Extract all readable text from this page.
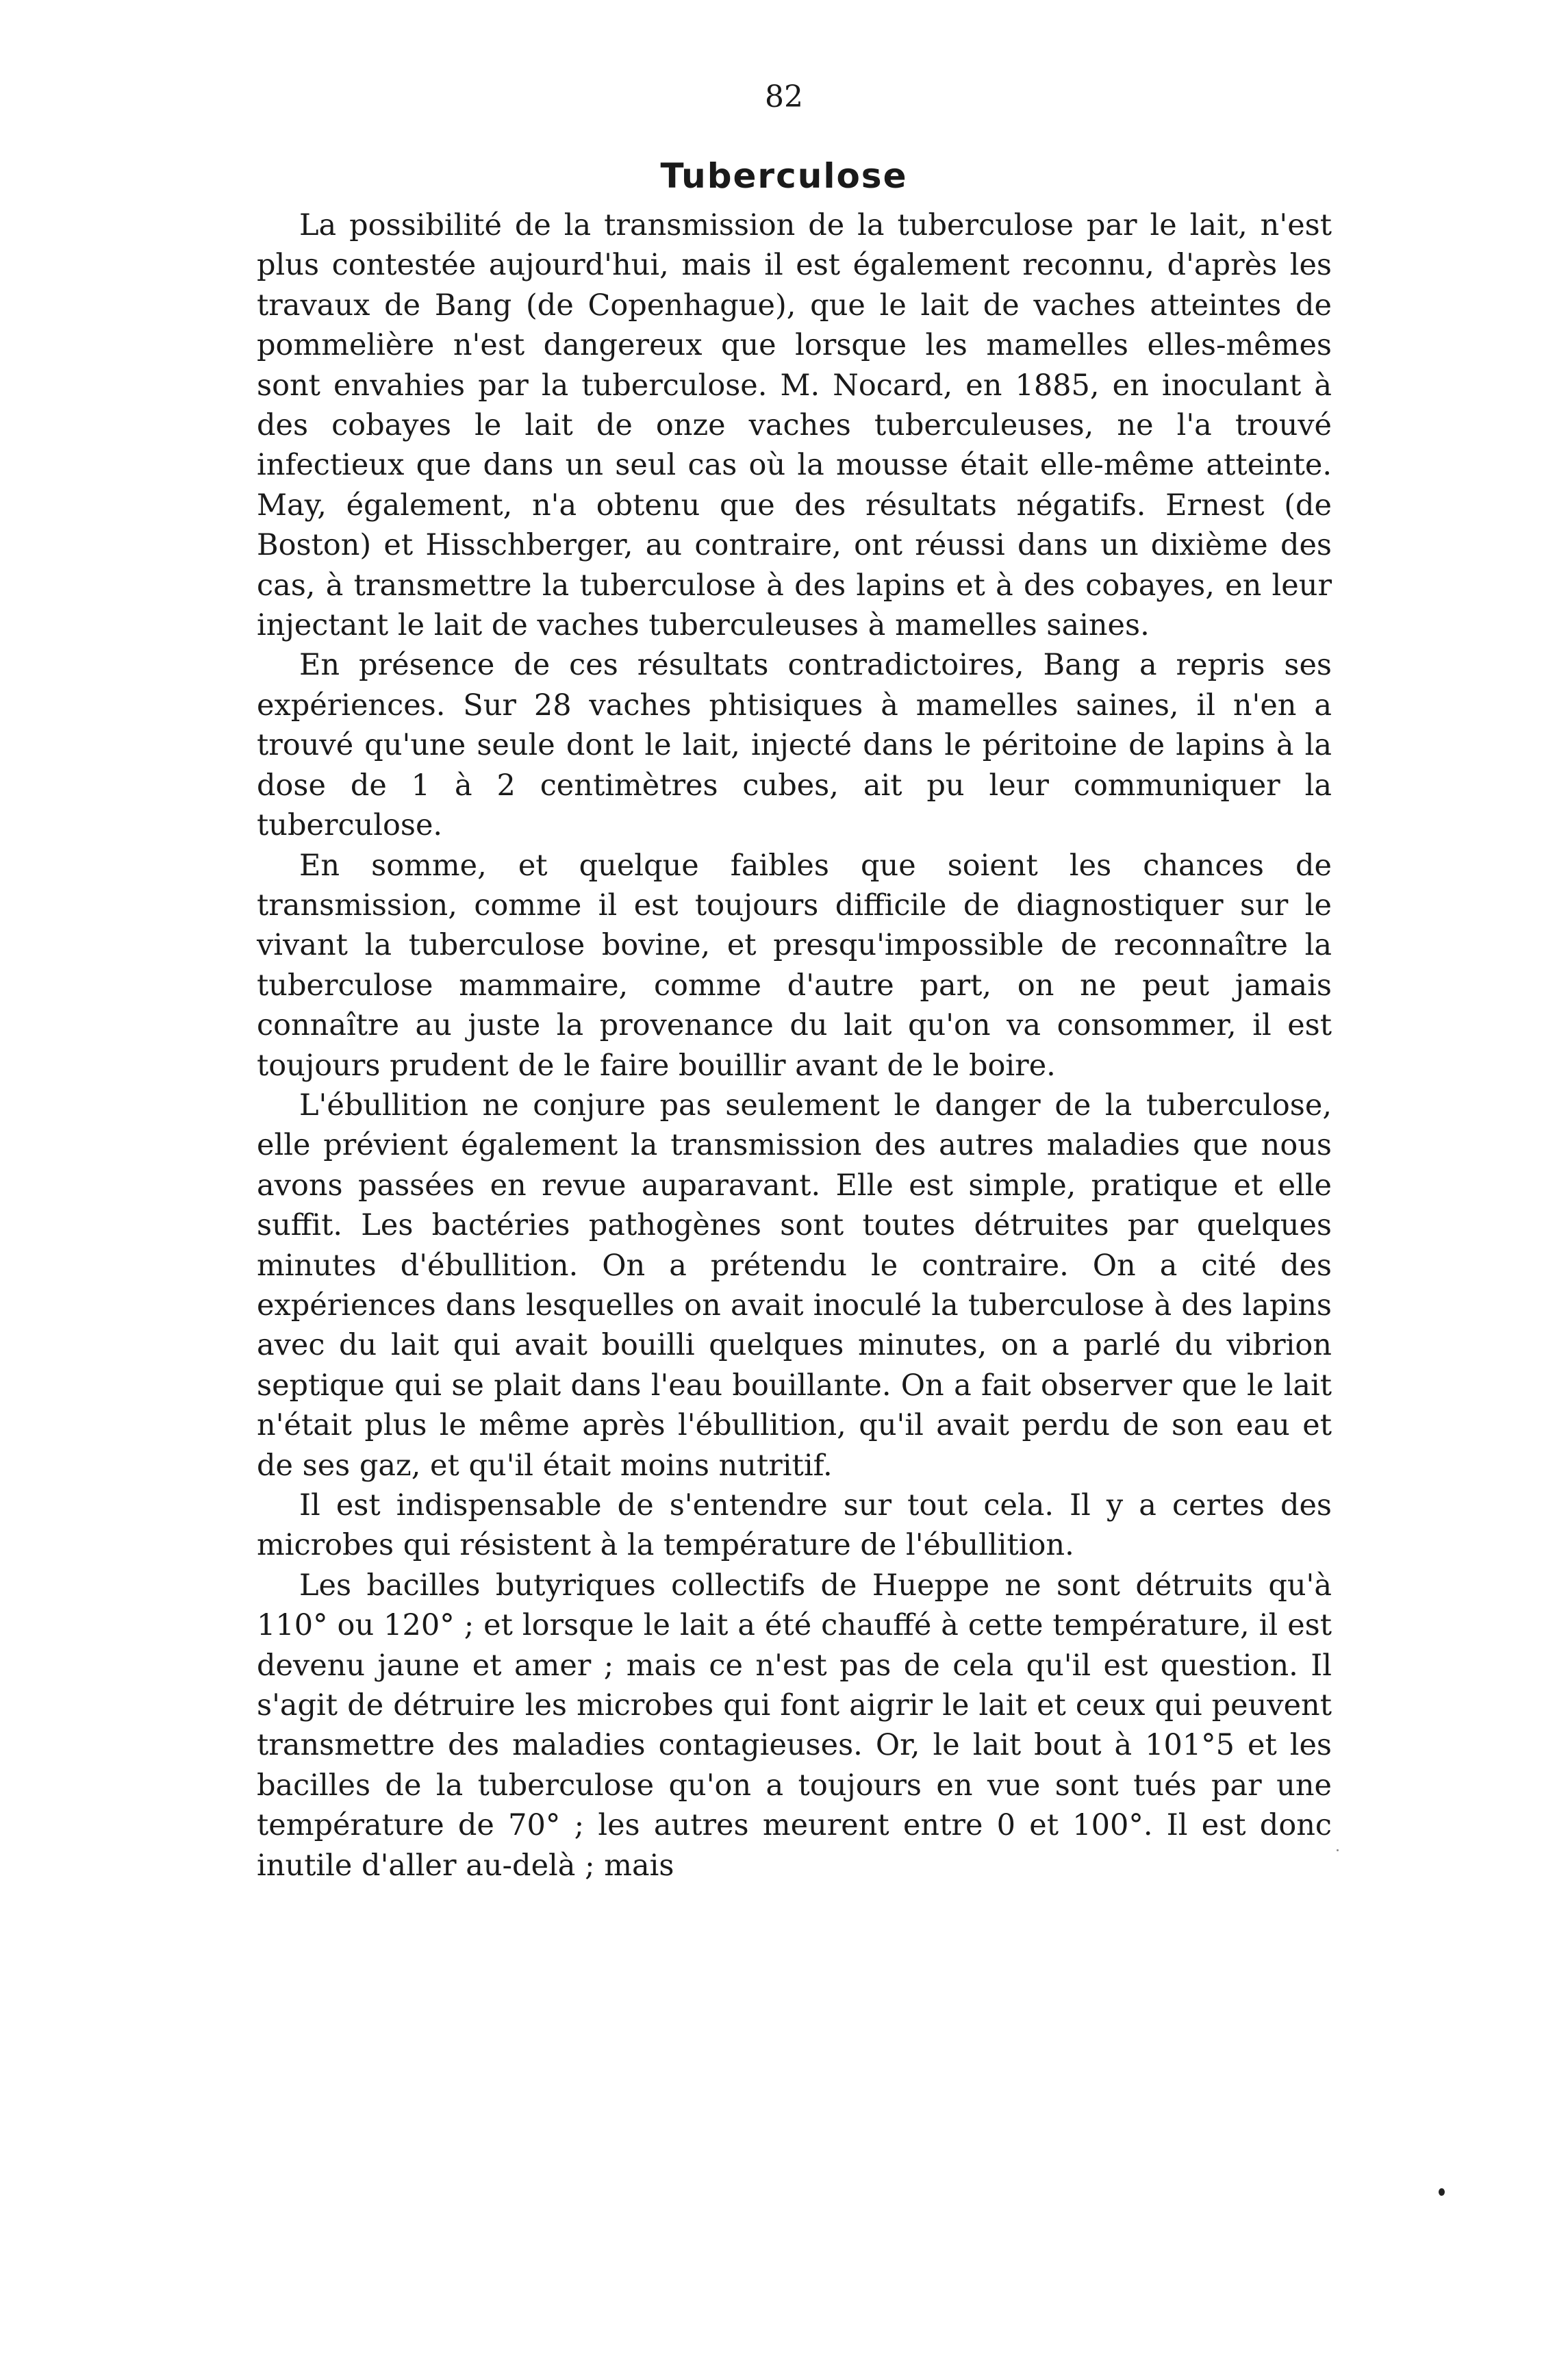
82
Tuberculose

La possibilité de la transmission de la tuberculose par le lait, n'est plus contestée aujourd'hui, mais il est également reconnu, d'après les travaux de Bang (de Copenhague), que le lait de vaches atteintes de pommelière n'est dangereux que lorsque les mamelles elles-mêmes sont envahies par la tuberculose. M. Nocard, en 1885, en inoculant à des cobayes le lait de onze vaches tuberculeuses, ne l'a trouvé infectieux que dans un seul cas où la mousse était elle-même atteinte. May, également, n'a obtenu que des résultats négatifs. Ernest (de Boston) et Hisschberger, au contraire, ont réussi dans un dixième des cas, à transmettre la tuberculose à des lapins et à des cobayes, en leur injectant le lait de vaches tuberculeuses à mamelles saines.

En présence de ces résultats contradictoires, Bang a repris ses expériences. Sur 28 vaches phtisiques à mamelles saines, il n'en a trouvé qu'une seule dont le lait, injecté dans le péritoine de lapins à la dose de 1 à 2 centimètres cubes, ait pu leur communiquer la tuberculose.

En somme, et quelque faibles que soient les chances de transmission, comme il est toujours difficile de diagnostiquer sur le vivant la tuberculose bovine, et presqu'impossible de reconnaître la tuberculose mammaire, comme d'autre part, on ne peut jamais connaître au juste la provenance du lait qu'on va consommer, il est toujours prudent de le faire bouillir avant de le boire.

L'ébullition ne conjure pas seulement le danger de la tuberculose, elle prévient également la transmission des autres maladies que nous avons passées en revue auparavant. Elle est simple, pratique et elle suffit. Les bactéries pathogènes sont toutes détruites par quelques minutes d'ébullition. On a prétendu le contraire. On a cité des expériences dans lesquelles on avait inoculé la tuberculose à des lapins avec du lait qui avait bouilli quelques minutes, on a parlé du vibrion septique qui se plait dans l'eau bouillante. On a fait observer que le lait n'était plus le même après l'ébullition, qu'il avait perdu de son eau et de ses gaz, et qu'il était moins nutritif.

Il est indispensable de s'entendre sur tout cela. Il y a certes des microbes qui résistent à la température de l'ébullition.

Les bacilles butyriques collectifs de Hueppe ne sont détruits qu'à 110° ou 120° ; et lorsque le lait a été chauffé à cette température, il est devenu jaune et amer ; mais ce n'est pas de cela qu'il est question. Il s'agit de détruire les microbes qui font aigrir le lait et ceux qui peuvent transmettre des maladies contagieuses. Or, le lait bout à 101°5 et les bacilles de la tuberculose qu'on a toujours en vue sont tués par une température de 70° ; les autres meurent entre 0 et 100°. Il est donc inutile d'aller au-delà ; mais
